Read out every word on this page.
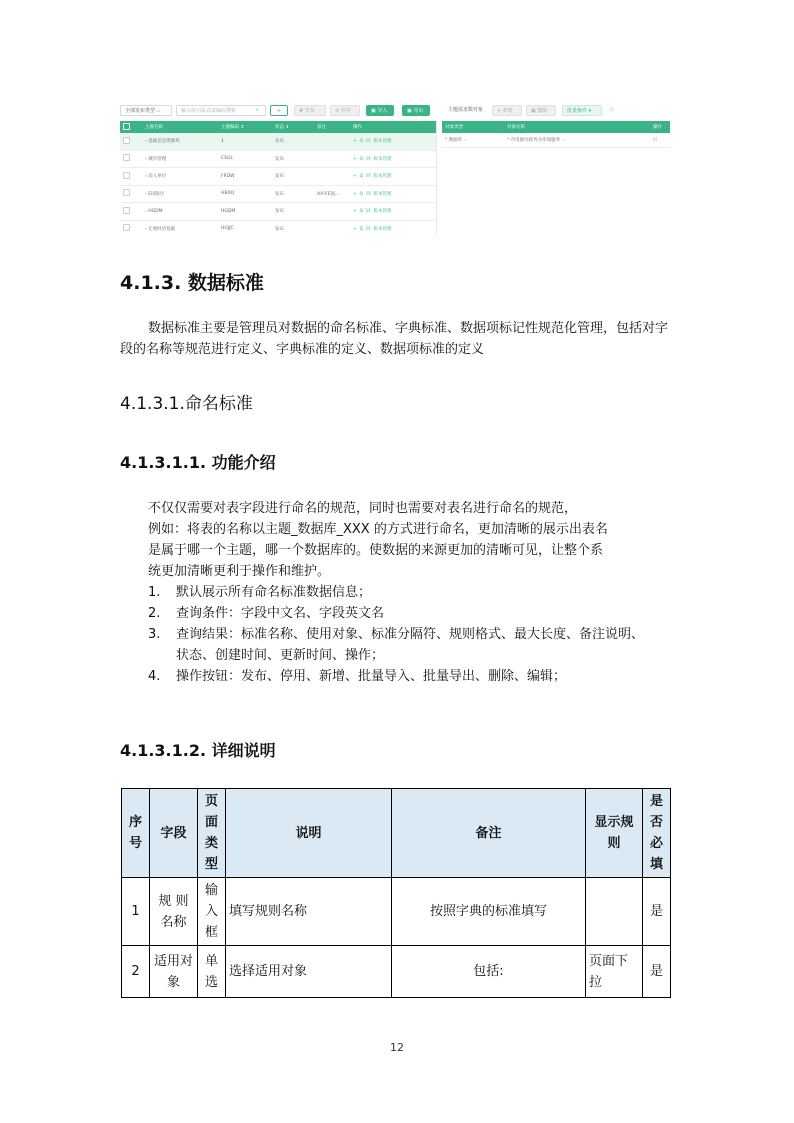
全部发布类型 ⌵	输入展示版式或编码搜索	⌕	+	✚ 发布	⊘ 停用	▣ 导入	▣ 导出	主题需求数对象	+ 新增	▣ 删除	批量操作 ▾	ⓘ
	主题名称	主题编码 ⇕	状态 ⇕	备注	操作
	› 基础信息资源块	1	发布		+ Q 回 版本管理
	› 城市管理	CSGL	发布		+ Q 回 版本管理
	› 法人单位	FRDW	发布		+ Q 回 版本管理
	› E国际区	HBXQ	发布	AA市E国...	+ Q 回 版本管理
	› HGDM	HGDM	发布		+ Q 回 版本管理
	› 宏观经济基础	HGJJC	发布		+ Q 回 版本管理
对象类型	对象名称	操作
* 数据库 ⌵	* 市电源办政务分库保服务 ⌵	回
4.1.3. 数据标准
数据标准主要是管理员对数据的命名标准、字典标准、数据项标记性规范化管理，包括对字段的名称等规范进行定义、字典标准的定义、数据项标准的定义
4.1.3.1.命名标准
4.1.3.1.1. 功能介绍
不仅仅需要对表字段进行命名的规范，同时也需要对表名进行命名的规范，
例如：将表的名称以主题_数据库_XXX 的方式进行命名，更加清晰的展示出表名
是属于哪一个主题，哪一个数据库的。使数据的来源更加的清晰可见，让整个系
统更加清晰更利于操作和维护。
1. 默认展示所有命名标准数据信息；
2. 查询条件：字段中文名、字段英文名
3. 查询结果：标准名称、使用对象、标准分隔符、规则格式、最大长度、备注说明、
状态、创建时间、更新时间、操作；
4. 操作按钮：发布、停用、新增、批量导入、批量导出、删除、编辑；
4.1.3.1.2. 详细说明
序号	字段	页面类型	说明	备注	显示规则	是否必填
1	规 则名称	输入框	填写规则名称	按照字典的标准填写		是
2	适用对象	单选	选择适用对象	包括:	页面下拉	是
12
